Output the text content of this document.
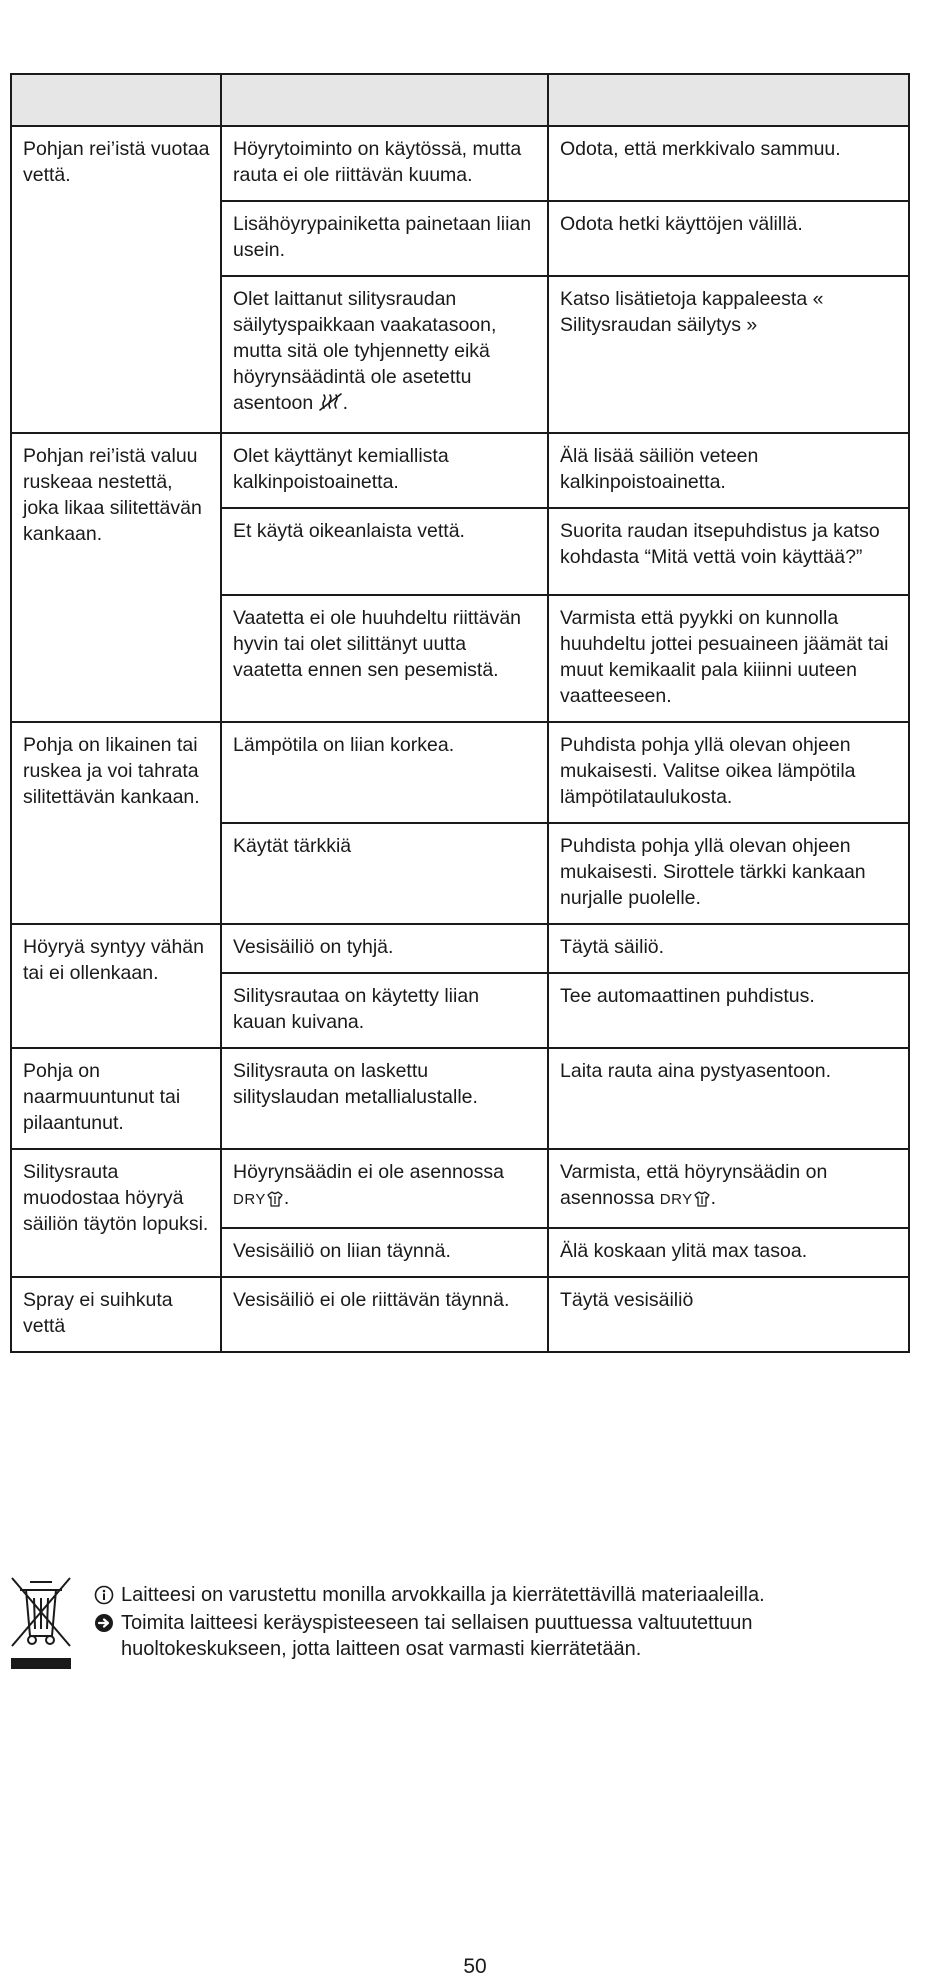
Pohjan rei’istä vuotaa vettä.	Höyrytoiminto on käytössä, mutta rauta ei ole riittävän kuuma.	Odota, että merkkivalo sammuu.
	Lisähöyrypainiketta painetaan liian usein.	Odota hetki käyttöjen välillä.
	Olet laittanut silitysraudan säilytyspaikkaan vaakatasoon, mutta sitä ole tyhjennetty eikä höyrynsäädintä ole asetettu asentoon .	Katso lisätietoja kappaleesta « Silitysraudan säilytys »
Pohjan rei’istä valuu ruskeaa nestettä, joka likaa silitettävän kankaan.	Olet käyttänyt kemiallista kalkinpoistoainetta.	Älä lisää säiliön veteen kalkinpoistoainetta.
	Et käytä oikeanlaista vettä.	Suorita raudan itsepuhdistus ja katso kohdasta “Mitä vettä voin käyttää?”
	Vaatetta ei ole huuhdeltu riittävän hyvin tai olet silittänyt uutta vaatetta ennen sen pesemistä.	Varmista että pyykki on kunnolla huuhdeltu jottei pesuaineen jäämät tai muut kemikaalit pala kiiinni uuteen vaatteeseen.
Pohja on likainen tai ruskea ja voi tahrata silitettävän kankaan.	Lämpötila on liian korkea.	Puhdista pohja yllä olevan ohjeen mukaisesti. Valitse oikea lämpötila lämpötilataulukosta.
	Käytät tärkkiä	Puhdista pohja yllä olevan ohjeen mukaisesti. Sirottele tärkki kankaan nurjalle puolelle.
Höyryä syntyy vähän tai ei ollenkaan.	Vesisäiliö on tyhjä.	Täytä säiliö.
	Silitysrautaa on käytetty liian kauan kuivana.	Tee automaattinen puhdistus.
Pohja on naarmuuntunut tai pilaantunut.	Silitysrauta on laskettu silityslaudan metallialustalle.	Laita rauta aina pystyasentoon.
Silitysrauta muodostaa höyryä säiliön täytön lopuksi.	Höyrynsäädin ei ole asennossa DRY .	Varmista, että höyrynsäädin on asennossa DRY .
	Vesisäiliö on liian täynnä.	Älä koskaan ylitä max tasoa.
Spray ei suihkuta vettä	Vesisäiliö ei ole riittävän täynnä.	Täytä vesisäiliö
Laitteesi on varustettu monilla arvokkailla ja kierrätettävillä materiaaleilla.
Toimita laitteesi keräyspisteeseen tai sellaisen puuttuessa valtuutettuun huoltokeskukseen, jotta laitteen osat varmasti kierrätetään.
50
